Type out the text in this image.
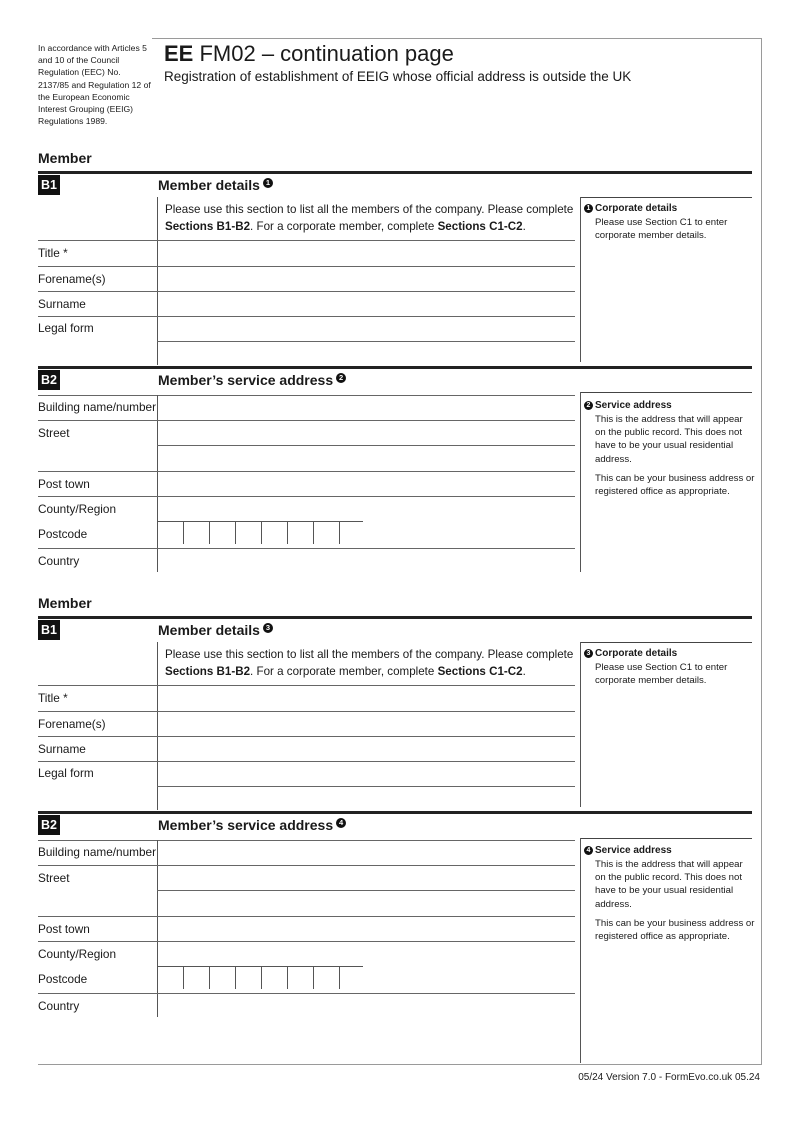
In accordance with Articles 5 and 10 of the Council Regulation (EEC) No. 2137/85 and Regulation 12 of the European Economic Interest Grouping (EEIG) Regulations 1989.
EE FM02 – continuation page
Registration of establishment of EEIG whose official address is outside the UK
05/24 Version 7.0 - FormEvo.co.uk 05.24
Member
B1	Member details 1
1 Corporate details
Please use Section C1 to enter corporate member details.
Please use this section to list all the members of the company. Please complete Sections B1-B2. For a corporate member, complete Sections C1-C2.
Title *
Forename(s)
Surname
Legal form
B2	Member’s service address 2
2 Service address

This is the address that will appear on the public record. This does not have to be your usual residential address.

This can be your business address or registered office as appropriate.

Building name/number
Street
Post town
County/Region
Postcode
Country
Member
B1	Member details 3
3 Corporate details
Please use Section C1 to enter corporate member details.
Please use this section to list all the members of the company. Please complete Sections B1-B2. For a corporate member, complete Sections C1-C2.
Title *
Forename(s)
Surname
Legal form
B2	Member’s service address 4
4 Service address

This is the address that will appear on the public record. This does not have to be your usual residential address.

This can be your business address or registered office as appropriate.

Building name/number
Street
Post town
County/Region
Postcode
Country
